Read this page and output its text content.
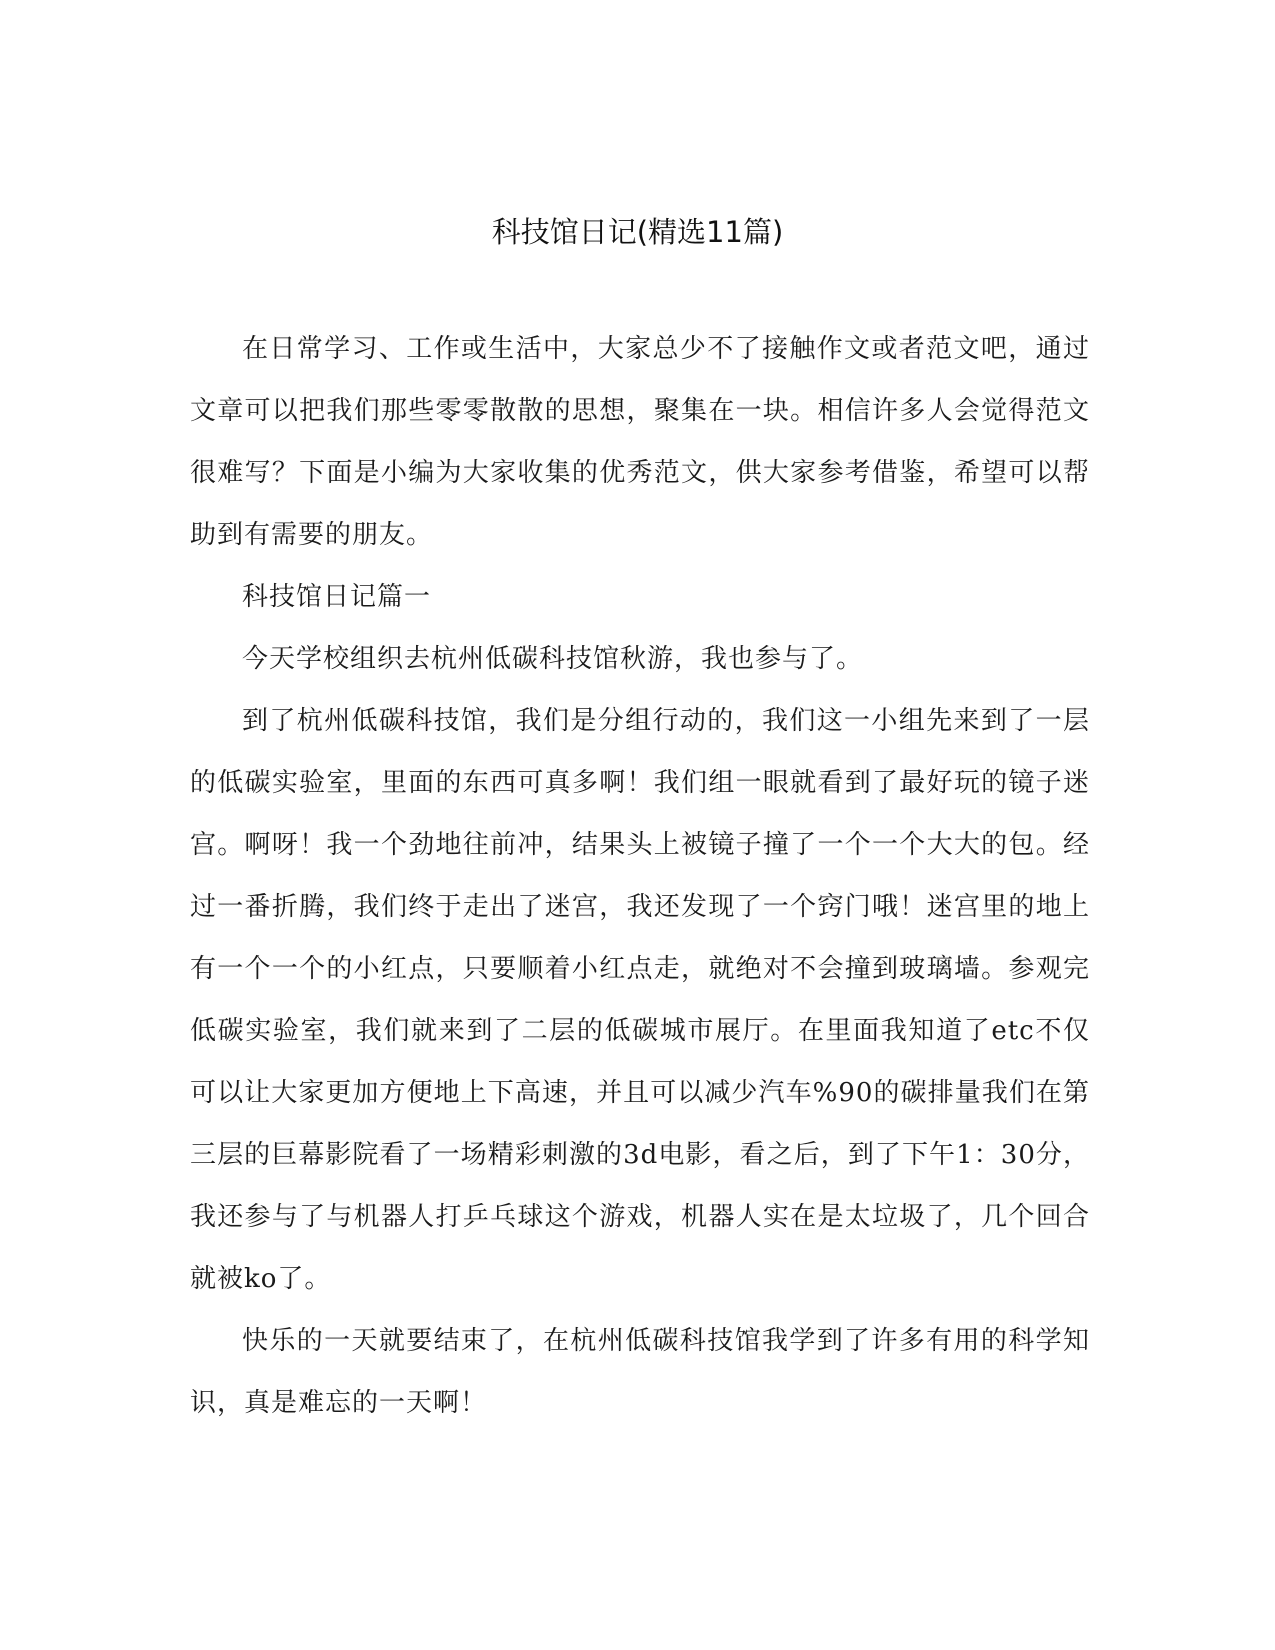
科技馆日记(精选11篇)

在日常学习、工作或生活中，大家总少不了接触作文或者范文吧，通过文章可以把我们那些零零散散的思想，聚集在一块。相信许多人会觉得范文很难写？下面是小编为大家收集的优秀范文，供大家参考借鉴，希望可以帮助到有需要的朋友。

科技馆日记篇一

今天学校组织去杭州低碳科技馆秋游，我也参与了。

到了杭州低碳科技馆，我们是分组行动的，我们这一小组先来到了一层的低碳实验室，里面的东西可真多啊！我们组一眼就看到了最好玩的镜子迷宫。啊呀！我一个劲地往前冲，结果头上被镜子撞了一个一个大大的包。经过一番折腾，我们终于走出了迷宫，我还发现了一个窍门哦！迷宫里的地上有一个一个的小红点，只要顺着小红点走，就绝对不会撞到玻璃墙。参观完低碳实验室，我们就来到了二层的低碳城市展厅。在里面我知道了etc不仅可以让大家更加方便地上下高速，并且可以减少汽车%90的碳排量我们在第三层的巨幕影院看了一场精彩刺激的3d电影，看之后，到了下午1：30分，我还参与了与机器人打乒乓球这个游戏，机器人实在是太垃圾了，几个回合就被ko了。

快乐的一天就要结束了，在杭州低碳科技馆我学到了许多有用的科学知识，真是难忘的一天啊！
